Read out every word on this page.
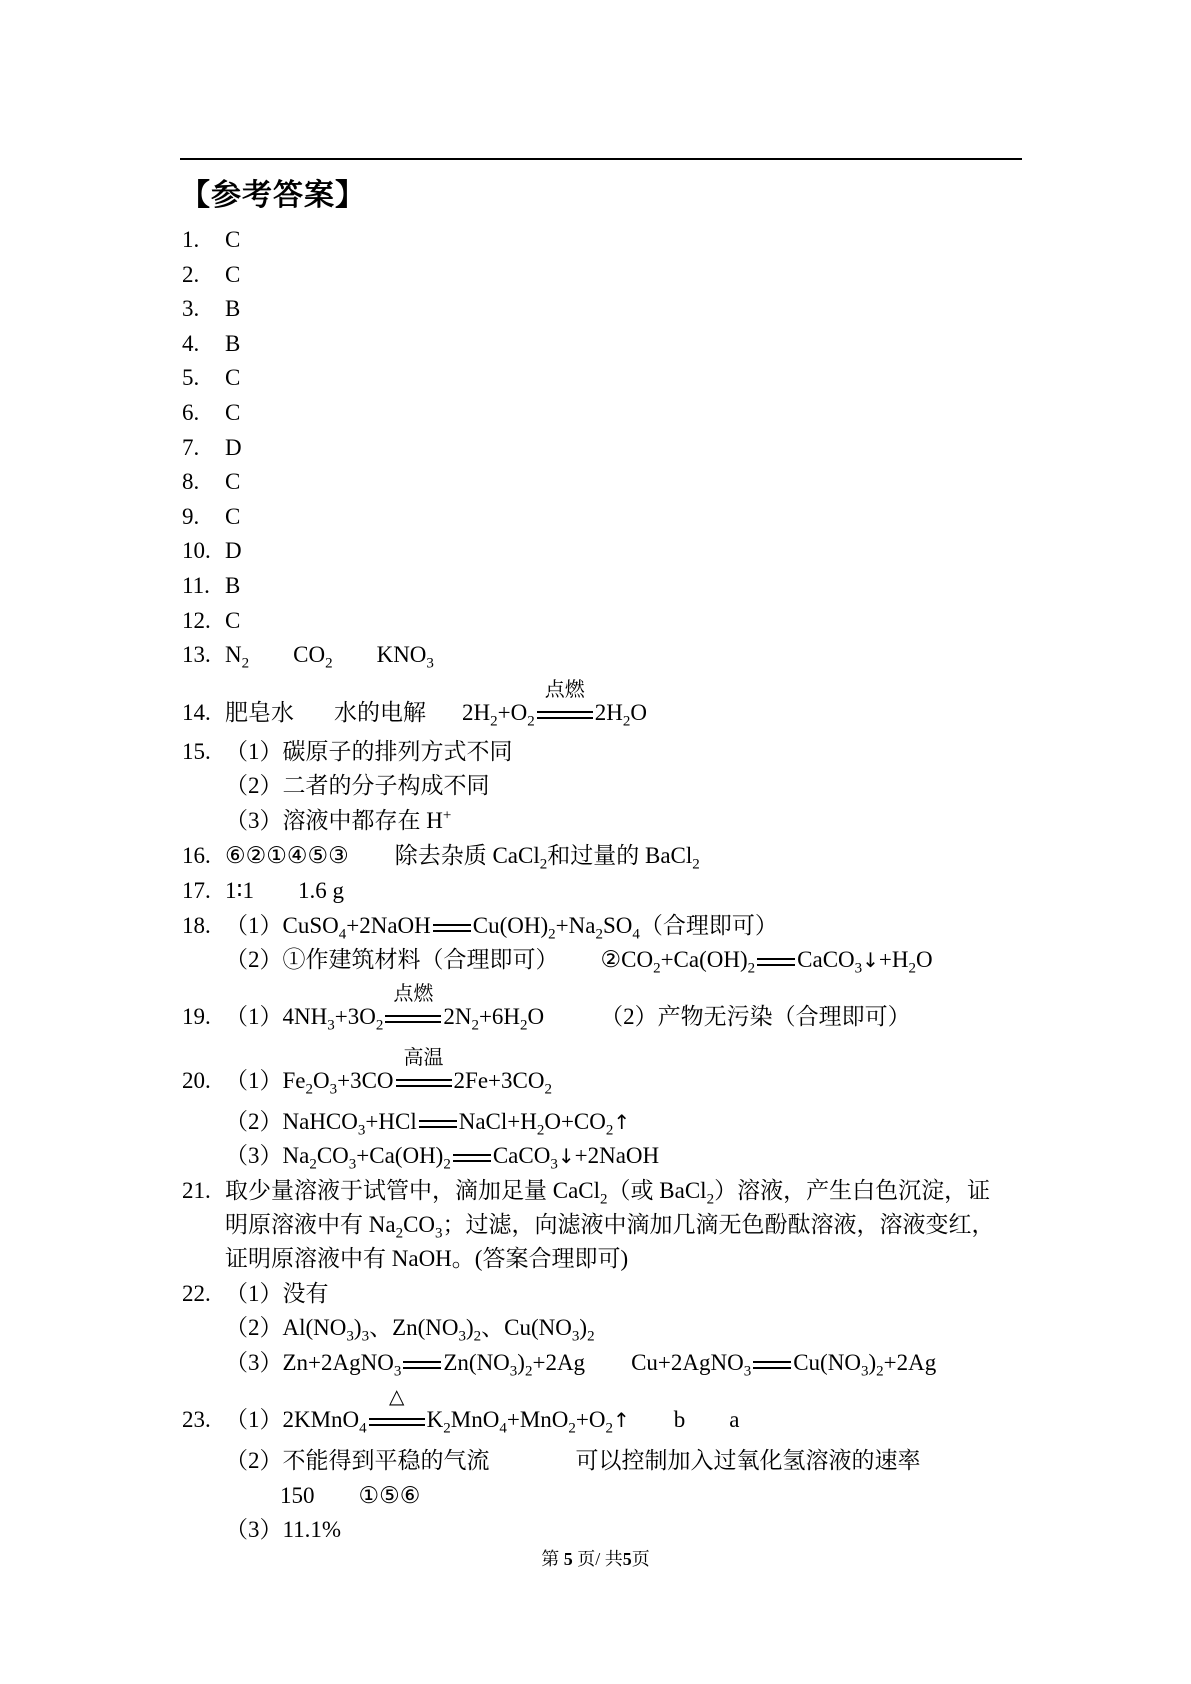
【参考答案】
1. C
2. C
3. B
4. B
5. C
6. C
7. D
8. C
9. C
10. D
11. B
12. C
13. $N_2$ $CO_2$ $KNO_3$
14. 肥皂水 水的电解 $2H_2+O_2$
点燃
$2H_2O$
15. （1）碳原子的排列方式不同
（2）二者的分子构成不同
（3）溶液中都存在 H+
16. ⑥②①④⑤③ 除去杂质 CaCl$_2$和过量的 BaCl$_2$
17. 1∶1 1.6 g
18. （1）CuSO$_4$+2NaOH $Cu(OH)_2+Na_2SO_4$（合理即可）
（2）①作建筑材料（合理即可） $②CO_2+Ca(OH)_2$ $CaCO_3↓+H_2O$
19. $(1)4NH_3+3O_2$
点燃
$2N_2+6H_2O$ （2）产物无污染（合理即可）
20. $(1)Fe_2O_3+3CO$
高温
$2Fe+3CO_2$
（2）NaHCO$_3$+HCl $NaCl+H_2O+CO_2↑$
$(3)Na_2CO_3+Ca(OH)_2$ CaCO$_3$↓+2NaOH
21. 取少量溶液于试管中，滴加足量 CaCl$_2$（或 BaCl$_2$）溶液，产生白色沉淀，证
明原溶液中有 $Na_2CO_3$；过滤，向滤液中滴加几滴无色酚酞溶液，溶液变红，
证明原溶液中有 NaOH。(答案合理即可)
22. （1）没有
$(2)Al(NO_3)_3$、$Zn(NO_3)_2$、$Cu(NO_3)_2$
（3）Zn+2AgNO$_3$ $Zn(NO_3)_2+2Ag$ Cu+2AgNO$_3$ $Cu(NO_3)_2+2Ag$
23. （1）2KMnO$_4$
△
$K_2MnO_4+MnO_2+O_2↑$ b a
（2）不能得到平稳的气流	可以控制加入过氧化氢溶液的速率
150 ①⑤⑥
（3）11.1%
第 5 页/ 共5页
